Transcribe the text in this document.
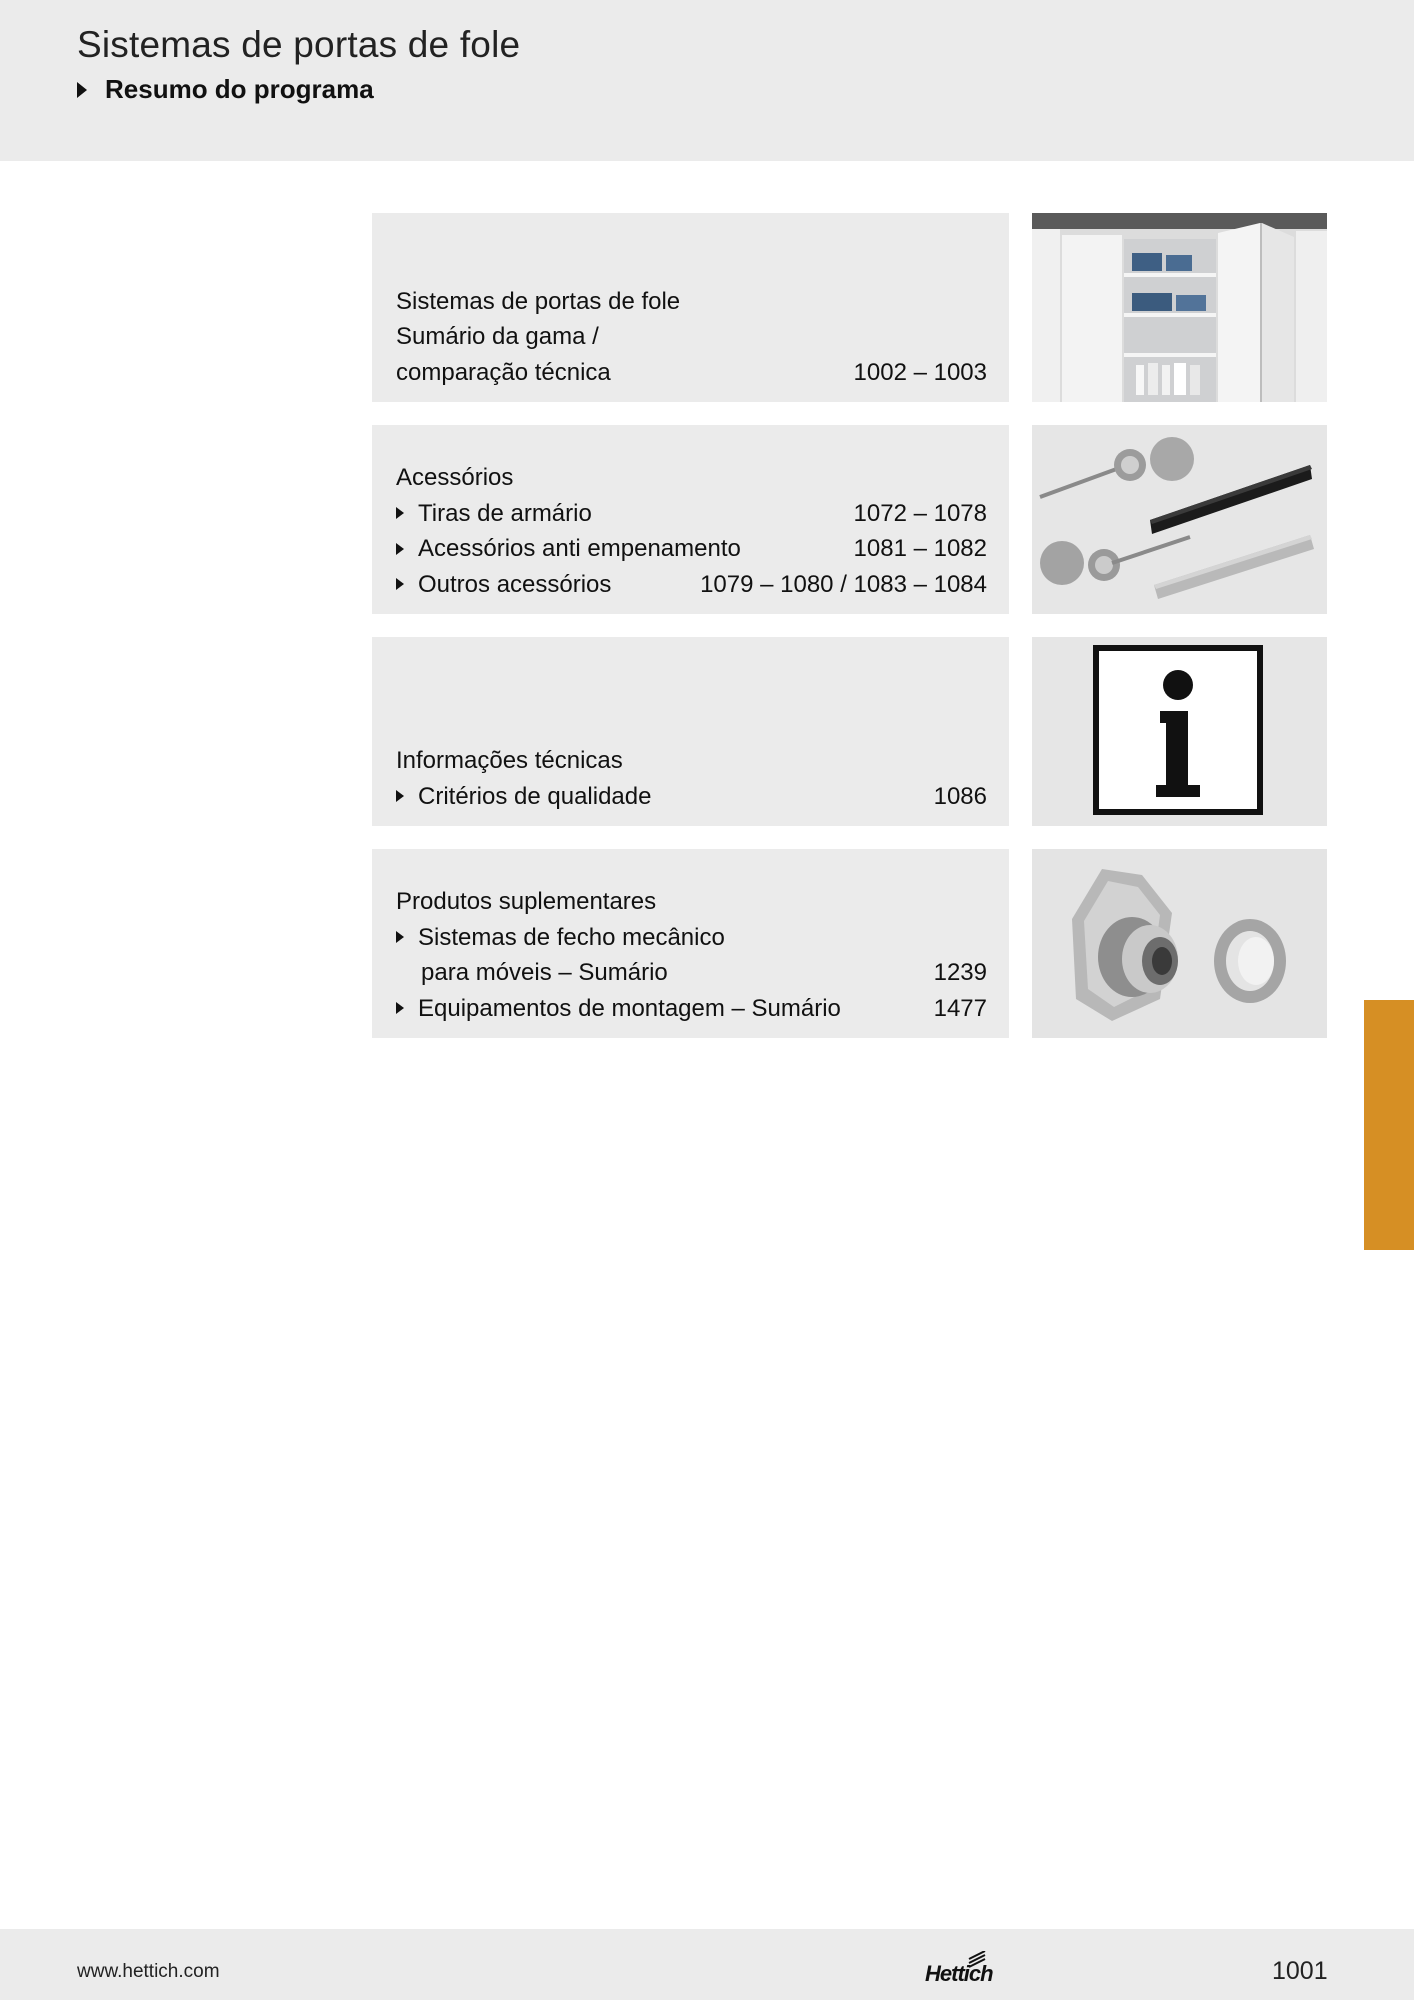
Sistemas de portas de fole
Resumo do programa
Sistemas de portas de fole
Sumário da gama /
comparação técnica	1002 – 1003
Acessórios
Tiras de armário	1072 – 1078
Acessórios anti empenamento	1081 – 1082
Outros acessórios	1079 – 1080 / 1083 – 1084
Informações técnicas
Critérios de qualidade	1086
Produtos suplementares
Sistemas de fecho mecânico
para móveis – Sumário	1239
Equipamentos de montagem – Sumário	1477
www.hettich.com	Hettich	1001
